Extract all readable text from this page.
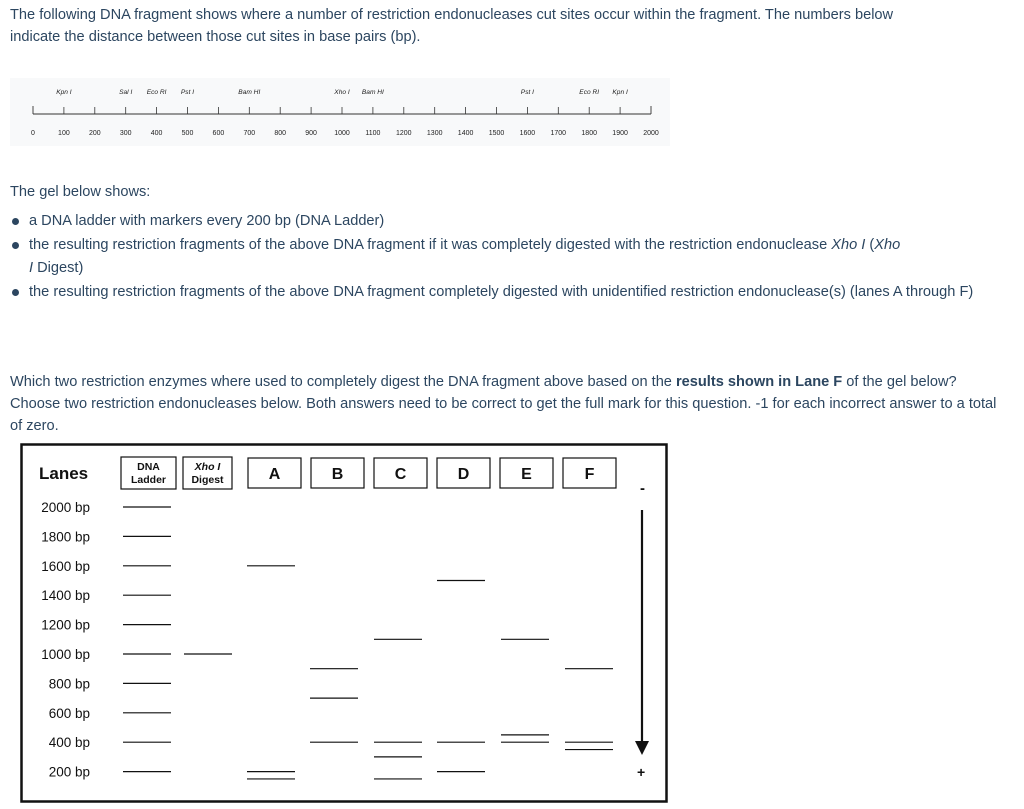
The following DNA fragment shows where a number of restriction endonucleases cut sites occur within the fragment. The numbers below
indicate the distance between those cut sites in base pairs (bp).

Kpn I	Sal I Eco RI Pst I	Bam HI	Xho I Bam HI	Pst I	Eco RI Kpn I
0	100	200	300	400	500	600	700	800	900 1000 1100 1200 1300 1400 1500 1600 1700 1800 1900 2000

The gel below shows:

a DNA ladder with markers every 200 bp (DNA Ladder)
the resulting restriction fragments of the above DNA fragment if it was completely digested with the restriction endonuclease Xho I (Xho
I Digest)
the resulting restriction fragments of the above DNA fragment completely digested with unidentified restriction endonuclease(s) (lanes A through F)

Which two restriction enzymes where used to completely digest the DNA fragment above based on the results shown in Lane F of the gel below? Choose two restriction endonucleases below. Both answers need to be correct to get the full mark for this question. -1 for each incorrect answer to a total of zero.

Lanes	DNA
Ladder
Xho I
Digest	A	B	C	D	E	F
2000 bp
1800 bp
1600 bp
1400 bp
1200 bp
1000 bp
800 bp
600 bp
400 bp
200 bp
-
+
